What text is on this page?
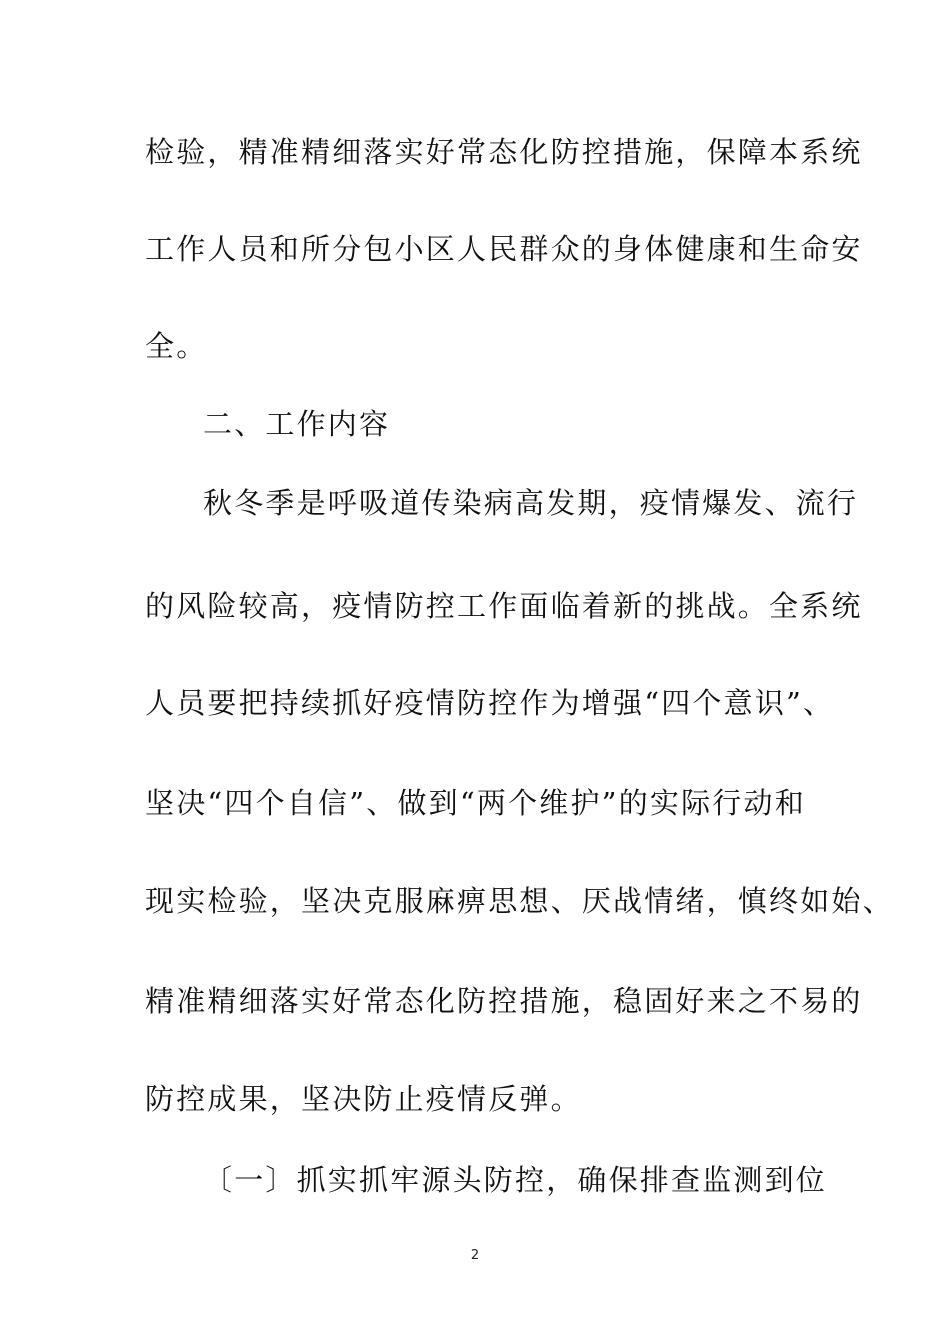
检验，精准精细落实好常态化防控措施，保障本系统
工作人员和所分包小区人民群众的身体健康和生命安
全。
二、工作内容
秋冬季是呼吸道传染病高发期，疫情爆发、流行
的风险较高，疫情防控工作面临着新的挑战。全系统
人员要把持续抓好疫情防控作为增强“四个意识”、
坚决“四个自信”、做到“两个维护”的实际行动和
现实检验，坚决克服麻痹思想、厌战情绪，慎终如始、
精准精细落实好常态化防控措施，稳固好来之不易的
防控成果，坚决防止疫情反弹。
〔一〕抓实抓牢源头防控，确保排查监测到位
2
